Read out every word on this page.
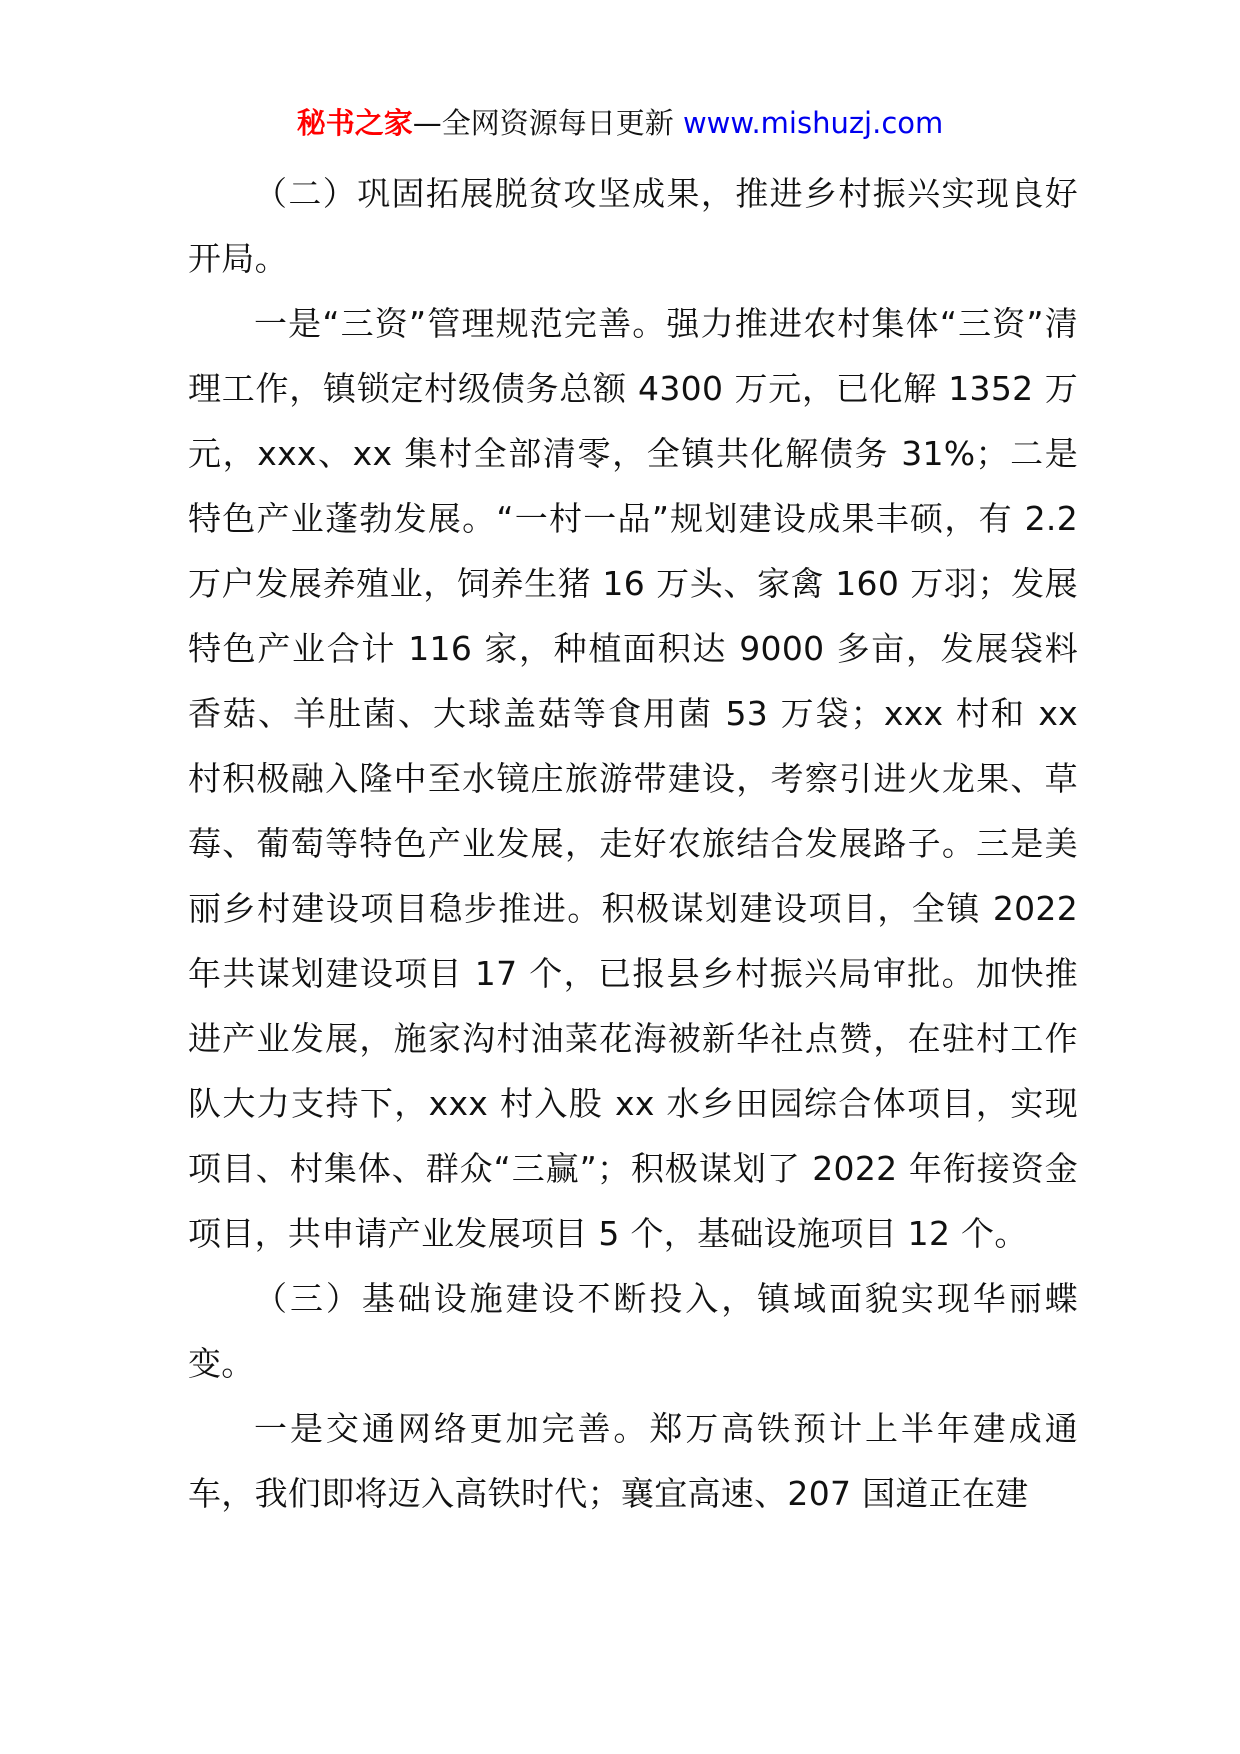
秘书之家—全网资源每日更新 www.mishuzj.com

（二）巩固拓展脱贫攻坚成果，推进乡村振兴实现良好开局。

一是“三资”管理规范完善。强力推进农村集体“三资”清理工作，镇锁定村级债务总额 4300 万元，已化解 1352 万元，xxx、xx 集村全部清零，全镇共化解债务 31%；二是特色产业蓬勃发展。“一村一品”规划建设成果丰硕，有 2.2 万户发展养殖业，饲养生猪 16 万头、家禽 160 万羽；发展特色产业合计 116 家，种植面积达 9000 多亩，发展袋料香菇、羊肚菌、大球盖菇等食用菌 53 万袋；xxx 村和 xx 村积极融入隆中至水镜庄旅游带建设，考察引进火龙果、草莓、葡萄等特色产业发展，走好农旅结合发展路子。三是美丽乡村建设项目稳步推进。积极谋划建设项目，全镇 2022 年共谋划建设项目 17 个，已报县乡村振兴局审批。加快推进产业发展，施家沟村油菜花海被新华社点赞，在驻村工作队大力支持下，xxx 村入股 xx 水乡田园综合体项目，实现项目、村集体、群众“三赢”；积极谋划了 2022 年衔接资金项目，共申请产业发展项目 5 个，基础设施项目 12 个。

（三）基础设施建设不断投入，镇域面貌实现华丽蝶变。

一是交通网络更加完善。郑万高铁预计上半年建成通车，我们即将迈入高铁时代；襄宜高速、207 国道正在建
